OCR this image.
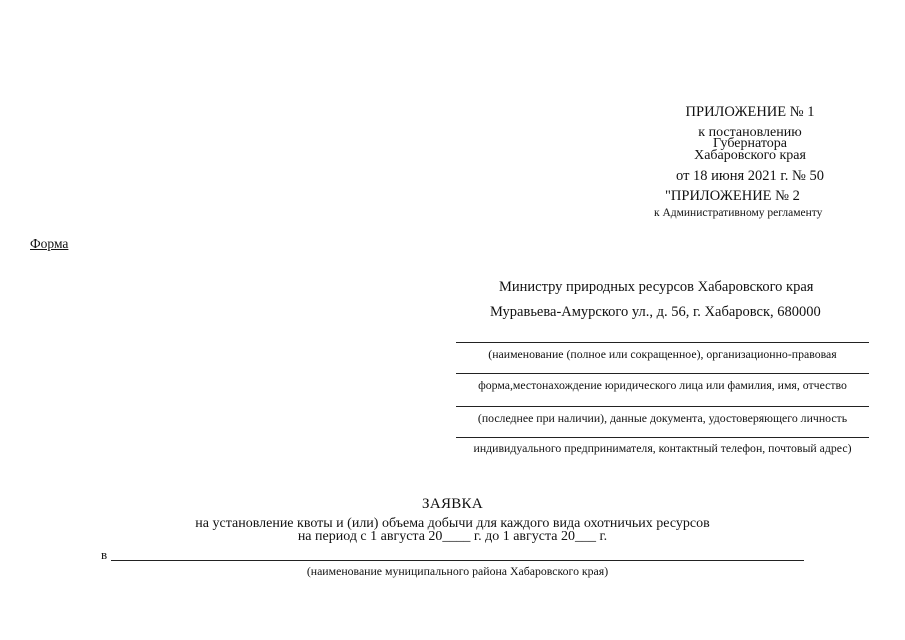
ПРИЛОЖЕНИЕ № 1
к постановлению
Губернатора
Хабаровского края
от 18 июня 2021 г. № 50
"ПРИЛОЖЕНИЕ № 2
к Административному регламенту
Форма
Министру природных ресурсов Хабаровского края
Муравьева-Амурского ул., д. 56, г. Хабаровск, 680000
(наименование (полное или сокращенное), организационно-правовая
форма,местонахождение юридического лица или фамилия, имя, отчество
(последнее при наличии), данные документа, удостоверяющего личность
индивидуального предпринимателя, контактный телефон, почтовый адрес)
ЗАЯВКА
на установление квоты и (или) объема добычи для каждого вида охотничьих ресурсов
на период с 1 августа 20____ г. до 1 августа 20___ г.
в
(наименование муниципального района Хабаровского края)
